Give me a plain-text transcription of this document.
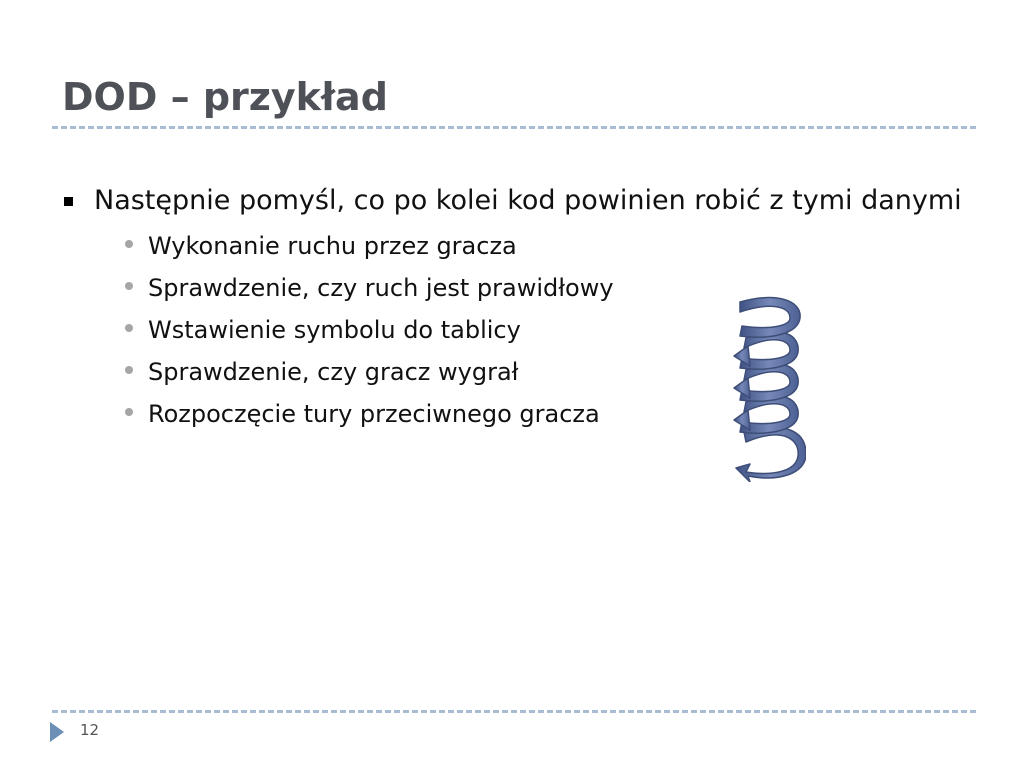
DOD – przykład
Następnie pomyśl, co po kolei kod powinien robić z tymi danymi
Wykonanie ruchu przez gracza
Sprawdzenie, czy ruch jest prawidłowy
Wstawienie symbolu do tablicy
Sprawdzenie, czy gracz wygrał
Rozpoczęcie tury przeciwnego gracza
12
